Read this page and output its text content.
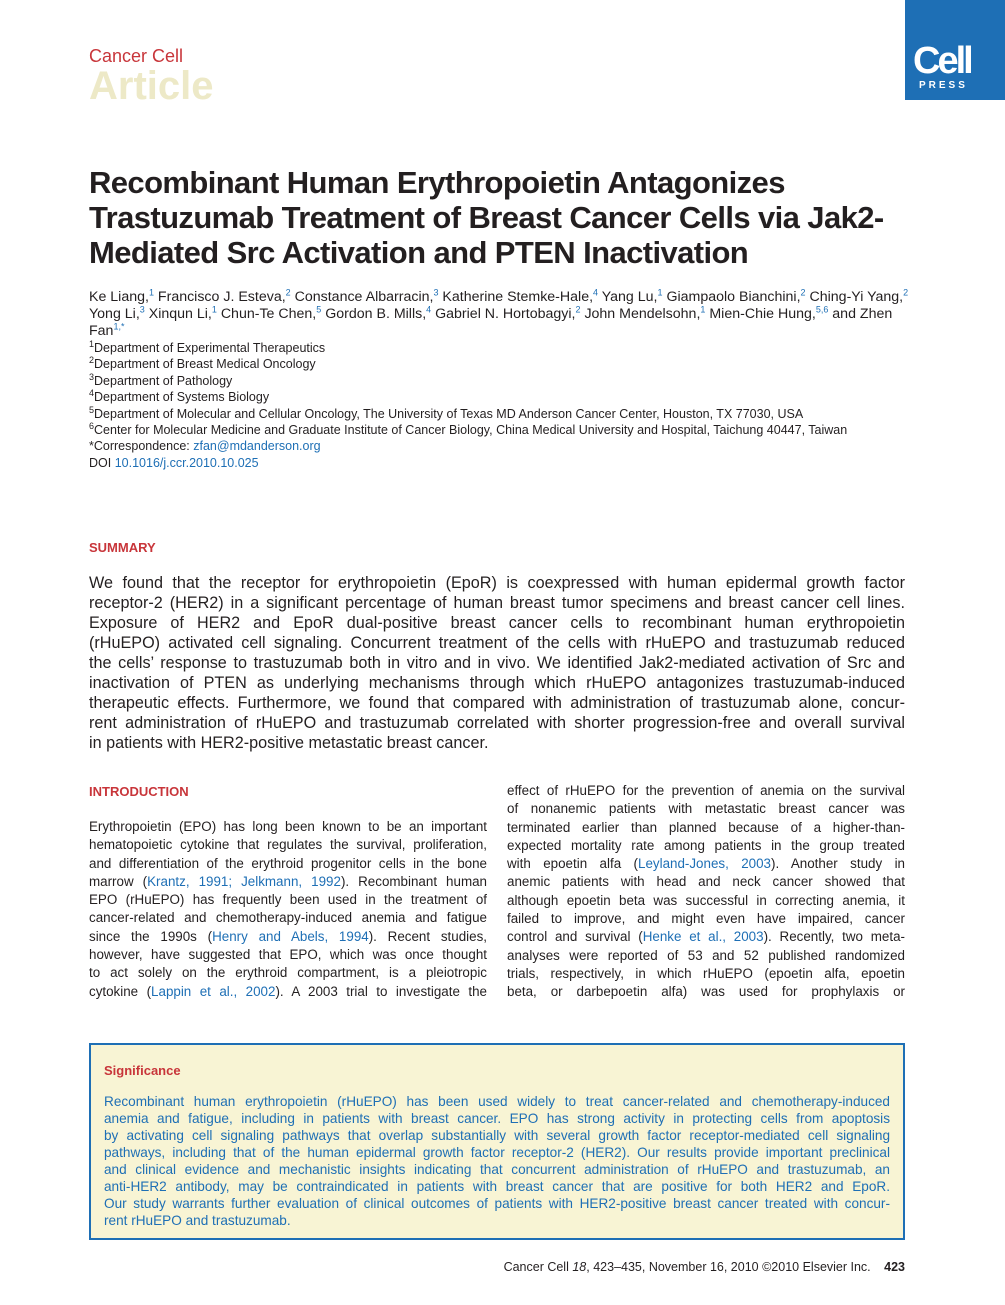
Cancer Cell
Article
Cell
PRESS
Recombinant Human Erythropoietin Antagonizes Trastuzumab Treatment of Breast Cancer Cells via Jak2-Mediated Src Activation and PTEN Inactivation
Ke Liang,$^1$ Francisco J. Esteva,$^2$ Constance Albarracin,$^3$ Katherine Stemke-Hale,$^4$ Yang Lu,$^1$ Giampaolo Bianchini,$^2$ Ching-Yi Yang,$^2$ Yong Li,$^3$ Xinqun Li,$^1$ Chun-Te Chen,$^5$ Gordon B. Mills,$^4$ Gabriel N. Hortobagyi,$^2$ John Mendelsohn,$^1$ Mien-Chie Hung,$^{5,6}$ and Zhen Fan$^{1,*}$
$^1$Department of Experimental Therapeutics
$^2$Department of Breast Medical Oncology
$^3$Department of Pathology
$^4$Department of Systems Biology
$^5$Department of Molecular and Cellular Oncology, The University of Texas MD Anderson Cancer Center, Houston, TX 77030, USA
$^6$Center for Molecular Medicine and Graduate Institute of Cancer Biology, China Medical University and Hospital, Taichung 40447, Taiwan
*Correspondence: zfan@mdanderson.org
DOI 10.1016/j.ccr.2010.10.025
SUMMARY
We found that the receptor for erythropoietin (EpoR) is coexpressed with human epidermal growth factor
receptor-2 (HER2) in a significant percentage of human breast tumor specimens and breast cancer cell lines.
Exposure of HER2 and EpoR dual-positive breast cancer cells to recombinant human erythropoietin
(rHuEPO) activated cell signaling. Concurrent treatment of the cells with rHuEPO and trastuzumab reduced
the cells’ response to trastuzumab both in vitro and in vivo. We identified Jak2-mediated activation of Src and
inactivation of PTEN as underlying mechanisms through which rHuEPO antagonizes trastuzumab-induced
therapeutic effects. Furthermore, we found that compared with administration of trastuzumab alone, concur-
rent administration of rHuEPO and trastuzumab correlated with shorter progression-free and overall survival
in patients with HER2-positive metastatic breast cancer.
INTRODUCTION
Erythropoietin (EPO) has long been known to be an important
hematopoietic cytokine that regulates the survival, proliferation,
and differentiation of the erythroid progenitor cells in the bone
marrow (Krantz, 1991; Jelkmann, 1992). Recombinant human
EPO (rHuEPO) has frequently been used in the treatment of
cancer-related and chemotherapy-induced anemia and fatigue
since the 1990s (Henry and Abels, 1994). Recent studies,
however, have suggested that EPO, which was once thought
to act solely on the erythroid compartment, is a pleiotropic
cytokine (Lappin et al., 2002). A 2003 trial to investigate the
effect of rHuEPO for the prevention of anemia on the survival
of nonanemic patients with metastatic breast cancer was
terminated earlier than planned because of a higher-than-
expected mortality rate among patients in the group treated
with epoetin alfa (Leyland-Jones, 2003). Another study in
anemic patients with head and neck cancer showed that
although epoetin beta was successful in correcting anemia, it
failed to improve, and might even have impaired, cancer
control and survival (Henke et al., 2003). Recently, two meta-
analyses were reported of 53 and 52 published randomized
trials, respectively, in which rHuEPO (epoetin alfa, epoetin
beta, or darbepoetin alfa) was used for prophylaxis or
Significance
Recombinant human erythropoietin (rHuEPO) has been used widely to treat cancer-related and chemotherapy-induced
anemia and fatigue, including in patients with breast cancer. EPO has strong activity in protecting cells from apoptosis
by activating cell signaling pathways that overlap substantially with several growth factor receptor-mediated cell signaling
pathways, including that of the human epidermal growth factor receptor-2 (HER2). Our results provide important preclinical
and clinical evidence and mechanistic insights indicating that concurrent administration of rHuEPO and trastuzumab, an
anti-HER2 antibody, may be contraindicated in patients with breast cancer that are positive for both HER2 and EpoR.
Our study warrants further evaluation of clinical outcomes of patients with HER2-positive breast cancer treated with concur-
rent rHuEPO and trastuzumab.
Cancer Cell 18, 423–435, November 16, 2010 ©2010 Elsevier Inc. 423
